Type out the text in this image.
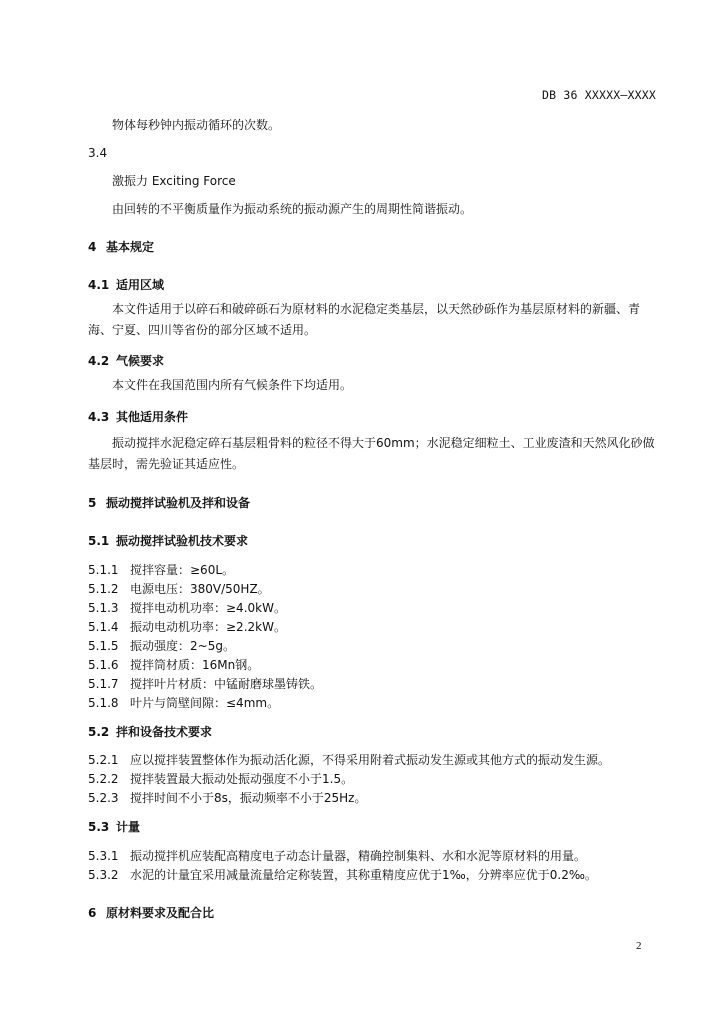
DB 36 XXXXX—XXXX
物体每秒钟内振动循环的次数。
3.4
激振力 Exciting Force
由回转的不平衡质量作为振动系统的振动源产生的周期性简谐振动。
4 基本规定
4.1 适用区域
本文件适用于以碎石和破碎砾石为原材料的水泥稳定类基层，以天然砂砾作为基层原材料的新疆、青海、宁夏、四川等省份的部分区域不适用。
4.2 气候要求
本文件在我国范围内所有气候条件下均适用。
4.3 其他适用条件
振动搅拌水泥稳定碎石基层粗骨料的粒径不得大于60mm；水泥稳定细粒土、工业废渣和天然风化砂做基层时，需先验证其适应性。
5 振动搅拌试验机及拌和设备
5.1 振动搅拌试验机技术要求
5.1.1 搅拌容量：≥60L。
5.1.2 电源电压：380V/50HZ。
5.1.3 搅拌电动机功率：≥4.0kW。
5.1.4 振动电动机功率：≥2.2kW。
5.1.5 振动强度：2~5g。
5.1.6 搅拌筒材质：16Mn钢。
5.1.7 搅拌叶片材质：中锰耐磨球墨铸铁。
5.1.8 叶片与筒壁间隙：≤4mm。
5.2 拌和设备技术要求
5.2.1 应以搅拌装置整体作为振动活化源，不得采用附着式振动发生源或其他方式的振动发生源。
5.2.2 搅拌装置最大振动处振动强度不小于1.5。
5.2.3 搅拌时间不小于8s，振动频率不小于25Hz。
5.3 计量
5.3.1 振动搅拌机应装配高精度电子动态计量器，精确控制集料、水和水泥等原材料的用量。
5.3.2 水泥的计量宜采用减量流量给定称装置，其称重精度应优于1‰，分辨率应优于0.2‰。
6 原材料要求及配合比
2
